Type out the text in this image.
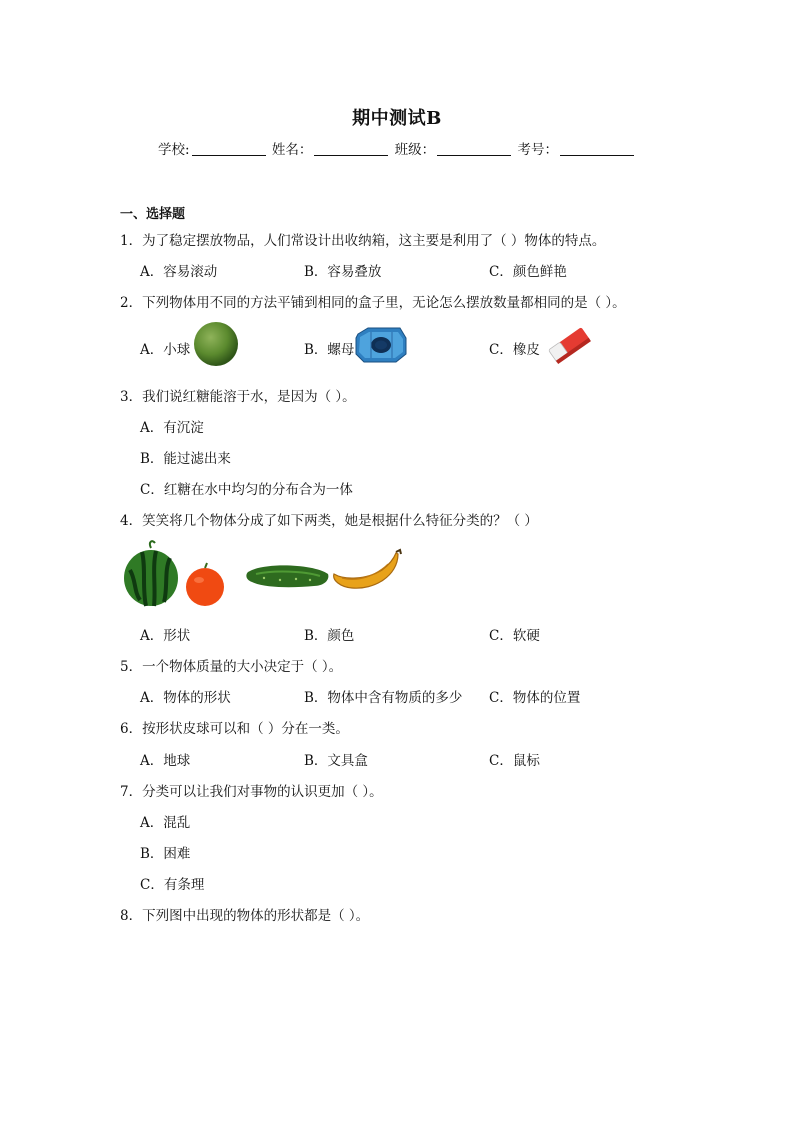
期中测试B
学校:	姓名：	班级：	考号：
一、选择题
1．为了稳定摆放物品，人们常设计出收纳箱，这主要是利用了（ ）物体的特点。
A．容易滚动	B．容易叠放	C．颜色鲜艳
2．下列物体用不同的方法平铺到相同的盒子里，无论怎么摆放数量都相同的是（ ）。
A．小球	B．螺母	C．橡皮
3．我们说红糖能溶于水，是因为（ ）。
A．有沉淀
B．能过滤出来
C．红糖在水中均匀的分布合为一体
4．笑笑将几个物体分成了如下两类，她是根据什么特征分类的？（ ）
A．形状	B．颜色	C．软硬
5．一个物体质量的大小决定于（ ）。
A．物体的形状	B．物体中含有物质的多少 C．物体的位置
6．按形状皮球可以和（ ）分在一类。
A．地球	B．文具盒	C．鼠标
7．分类可以让我们对事物的认识更加（ ）。
A．混乱
B．困难
C．有条理
8．下列图中出现的物体的形状都是（ ）。
